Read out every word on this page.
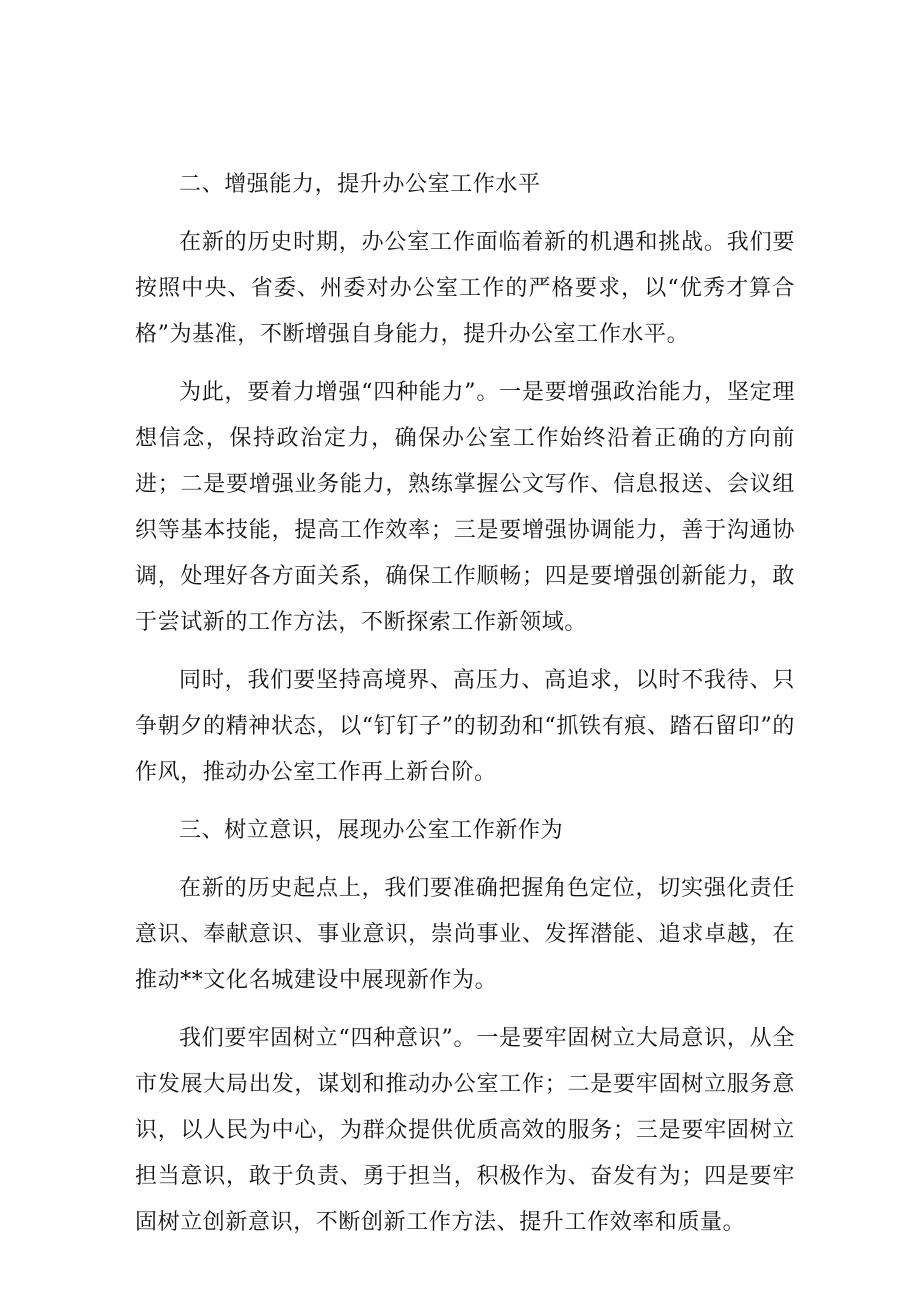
二、增强能力，提升办公室工作水平

在新的历史时期，办公室工作面临着新的机遇和挑战。我们要按照中央、省委、州委对办公室工作的严格要求，以“优秀才算合格”为基准，不断增强自身能力，提升办公室工作水平。

为此，要着力增强“四种能力”。一是要增强政治能力，坚定理想信念，保持政治定力，确保办公室工作始终沿着正确的方向前进；二是要增强业务能力，熟练掌握公文写作、信息报送、会议组织等基本技能，提高工作效率；三是要增强协调能力，善于沟通协调，处理好各方面关系，确保工作顺畅；四是要增强创新能力，敢于尝试新的工作方法，不断探索工作新领域。

同时，我们要坚持高境界、高压力、高追求，以时不我待、只争朝夕的精神状态，以“钉钉子”的韧劲和“抓铁有痕、踏石留印”的作风，推动办公室工作再上新台阶。

三、树立意识，展现办公室工作新作为

在新的历史起点上，我们要准确把握角色定位，切实强化责任意识、奉献意识、事业意识，崇尚事业、发挥潜能、追求卓越，在推动**文化名城建设中展现新作为。

我们要牢固树立“四种意识”。一是要牢固树立大局意识，从全市发展大局出发，谋划和推动办公室工作；二是要牢固树立服务意识，以人民为中心，为群众提供优质高效的服务；三是要牢固树立担当意识，敢于负责、勇于担当，积极作为、奋发有为；四是要牢固树立创新意识，不断创新工作方法、提升工作效率和质量。
